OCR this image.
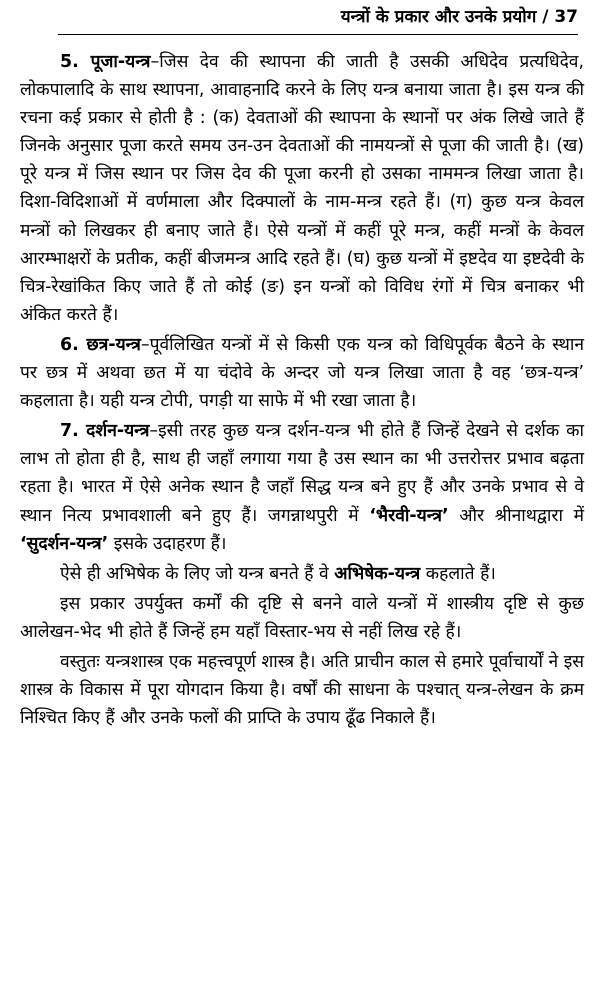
यन्त्रों के प्रकार और उनके प्रयोग / 37

5. पूजा-यन्त्र–जिस देव की स्थापना की जाती है उसकी अधिदेव प्रत्यधिदेव, लोकपालादि के साथ स्थापना, आवाहनादि करने के लिए यन्त्र बनाया जाता है। इस यन्त्र की रचना कई प्रकार से होती है : (क) देवताओं की स्थापना के स्थानों पर अंक लिखे जाते हैं जिनके अनुसार पूजा करते समय उन-उन देवताओं की नामयन्त्रों से पूजा की जाती है। (ख) पूरे यन्त्र में जिस स्थान पर जिस देव की पूजा करनी हो उसका नाममन्त्र लिखा जाता है। दिशा-विदिशाओं में वर्णमाला और दिक्पालों के नाम-मन्त्र रहते हैं। (ग) कुछ यन्त्र केवल मन्त्रों को लिखकर ही बनाए जाते हैं। ऐसे यन्त्रों में कहीं पूरे मन्त्र, कहीं मन्त्रों के केवल आरम्भाक्षरों के प्रतीक, कहीं बीजमन्त्र आदि रहते हैं। (घ) कुछ यन्त्रों में इष्टदेव या इष्टदेवी के चित्र-रेखांकित किए जाते हैं तो कोई (ङ) इन यन्त्रों को विविध रंगों में चित्र बनाकर भी अंकित करते हैं।

6. छत्र-यन्त्र–पूर्वलिखित यन्त्रों में से किसी एक यन्त्र को विधिपूर्वक बैठने के स्थान पर छत्र में अथवा छत में या चंदोवे के अन्दर जो यन्त्र लिखा जाता है वह ‘छत्र-यन्त्र’ कहलाता है। यही यन्त्र टोपी, पगड़ी या साफे में भी रखा जाता है।

7. दर्शन-यन्त्र–इसी तरह कुछ यन्त्र दर्शन-यन्त्र भी होते हैं जिन्हें देखने से दर्शक का लाभ तो होता ही है, साथ ही जहाँ लगाया गया है उस स्थान का भी उत्तरोत्तर प्रभाव बढ़ता रहता है। भारत में ऐसे अनेक स्थान है जहाँ सिद्ध यन्त्र बने हुए हैं और उनके प्रभाव से वे स्थान नित्य प्रभावशाली बने हुए हैं। जगन्नाथपुरी में ‘भैरवी-यन्त्र’ और श्रीनाथद्वारा में ‘सुदर्शन-यन्त्र’ इसके उदाहरण हैं।

ऐसे ही अभिषेक के लिए जो यन्त्र बनते हैं वे अभिषेक-यन्त्र कहलाते हैं।

इस प्रकार उपर्युक्त कर्मों की दृष्टि से बनने वाले यन्त्रों में शास्त्रीय दृष्टि से कुछ आलेखन-भेद भी होते हैं जिन्हें हम यहाँ विस्तार-भय से नहीं लिख रहे हैं।

वस्तुतः यन्त्रशास्त्र एक महत्त्वपूर्ण शास्त्र है। अति प्राचीन काल से हमारे पूर्वाचार्यों ने इस शास्त्र के विकास में पूरा योगदान किया है। वर्षों की साधना के पश्चात् यन्त्र-लेखन के क्रम निश्चित किए हैं और उनके फलों की प्राप्ति के उपाय ढूँढ निकाले हैं।
